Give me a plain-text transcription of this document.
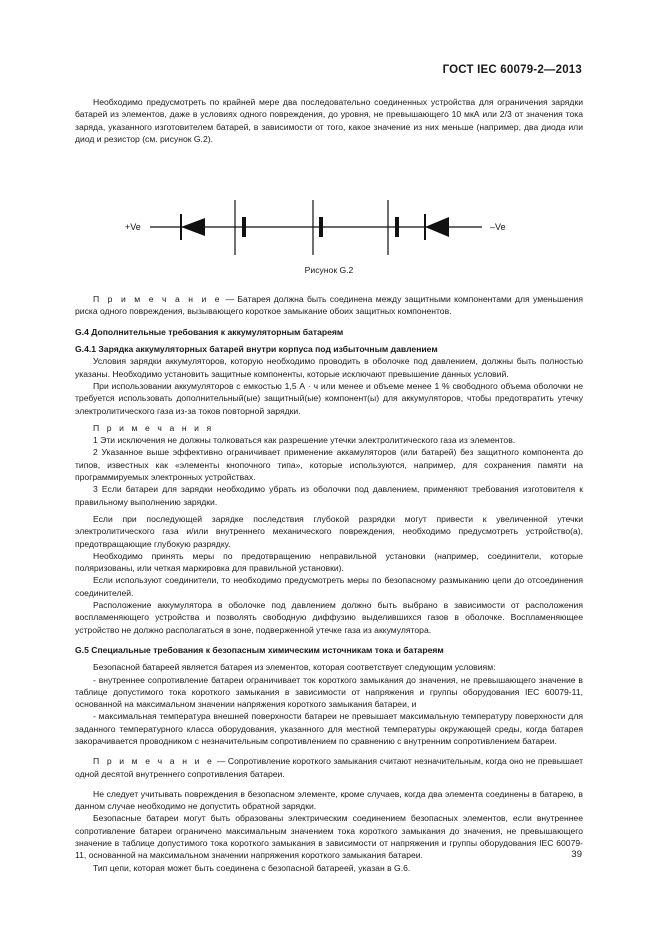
ГОСТ IEC 60079-2—2013

Необходимо предусмотреть по крайней мере два последовательно соединенных устройства для ограничения зарядки батарей из элементов, даже в условиях одного повреждения, до уровня, не превышающего 10 мкА или 2/3 от значения тока заряда, указанного изготовителем батарей, в зависимости от того, какое значение из них меньше (например, два диода или диод и резистор (см. рисунок G.2).

+Ve	–Ve
Рисунок G.2

П р и м е ч а н и е — Батарея должна быть соединена между защитными компонентами для уменьшения риска одного повреждения, вызывающего короткое замыкание обоих защитных компонентов.

G.4 Дополнительные требования к аккумуляторным батареям

G.4.1 Зарядка аккумуляторных батарей внутри корпуса под избыточным давлением

Условия зарядки аккумуляторов, которую необходимо проводить в оболочке под давлением, должны быть полностью указаны. Необходимо установить защитные компоненты, которые исключают превышение данных условий.

При использовании аккумуляторов с емкостью 1,5 А · ч или менее и объеме менее 1 % свободного объема оболочки не требуется использовать дополнительный(ые) защитный(ые) компонент(ы) для аккумуляторов, чтобы предотвратить утечку электролитического газа из-за токов повторной зарядки.

П р и м е ч а н и я

1 Эти исключения не должны толковаться как разрешение утечки электролитического газа из элементов.

2 Указанное выше эффективно ограничивает применение аккамуляторов (или батарей) без защитного компонента до типов, известных как «элементы кнопочного типа», которые используются, например, для сохранения памяти на программируемых электронных устройствах.

3 Если батареи для зарядки необходимо убрать из оболочки под давлением, применяют требования изготовителя к правильному выполнению зарядки.

Если при последующей зарядке последствия глубокой разрядки могут привести к увеличенной утечки электролитического газа и/или внутреннего механического повреждения, необходимо предусмотреть устройство(а), предотвращающие глубокую разрядку.

Необходимо принять меры по предотвращению неправильной установки (например, соединители, которые поляризованы, или четкая маркировка для правильной установки).

Если используют соединители, то необходимо предусмотреть меры по безопасному размыканию цепи до отсоединения соединителей.

Расположение аккумулятора в оболочке под давлением должно быть выбрано в зависимости от расположения воспламеняющего устройства и позволять свободную диффузию выделившихся газов в оболочке. Воспламеняющее устройство не должно располагаться в зоне, подверженной утечке газа из аккумулятора.

G.5 Специальные требования к безопасным химическим источникам тока и батареям

Безопасной батареей является батарея из элементов, которая соответствует следующим условиям:

- внутреннее сопротивление батареи ограничивает ток короткого замыкания до значения, не превышающего значение в таблице допустимого тока короткого замыкания в зависимости от напряжения и группы оборудования IEC 60079-11, основанной на максимальном значении напряжения короткого замыкания батареи, и

- максимальная температура внешней поверхности батареи не превышает максимальную температуру поверхности для заданного температурного класса оборудования, указанного для местной температуры окружающей среды, когда батарея закорачивается проводником с незначительным сопротивлением по сравнению с внутренним сопротивлением батареи.

П р и м е ч а н и е — Сопротивление короткого замыкания считают незначительным, когда оно не превышает одной десятой внутреннего сопротивления батареи.

Не следует учитывать повреждения в безопасном элементе, кроме случаев, когда два элемента соединены в батарею, в данном случае необходимо не допустить обратной зарядки.

Безопасные батареи могут быть образованы электрическим соединением безопасных элементов, если внутреннее сопротивление батареи ограничено максимальным значением тока короткого замыкания до значения, не превышающего значение в таблице допустимого тока короткого замыкания в зависимости от напряжения и группы оборудования IEC 60079-11, основанной на максимальном значении напряжения короткого замыкания батареи.

Тип цепи, которая может быть соединена с безопасной батареей, указан в G.6.

39
